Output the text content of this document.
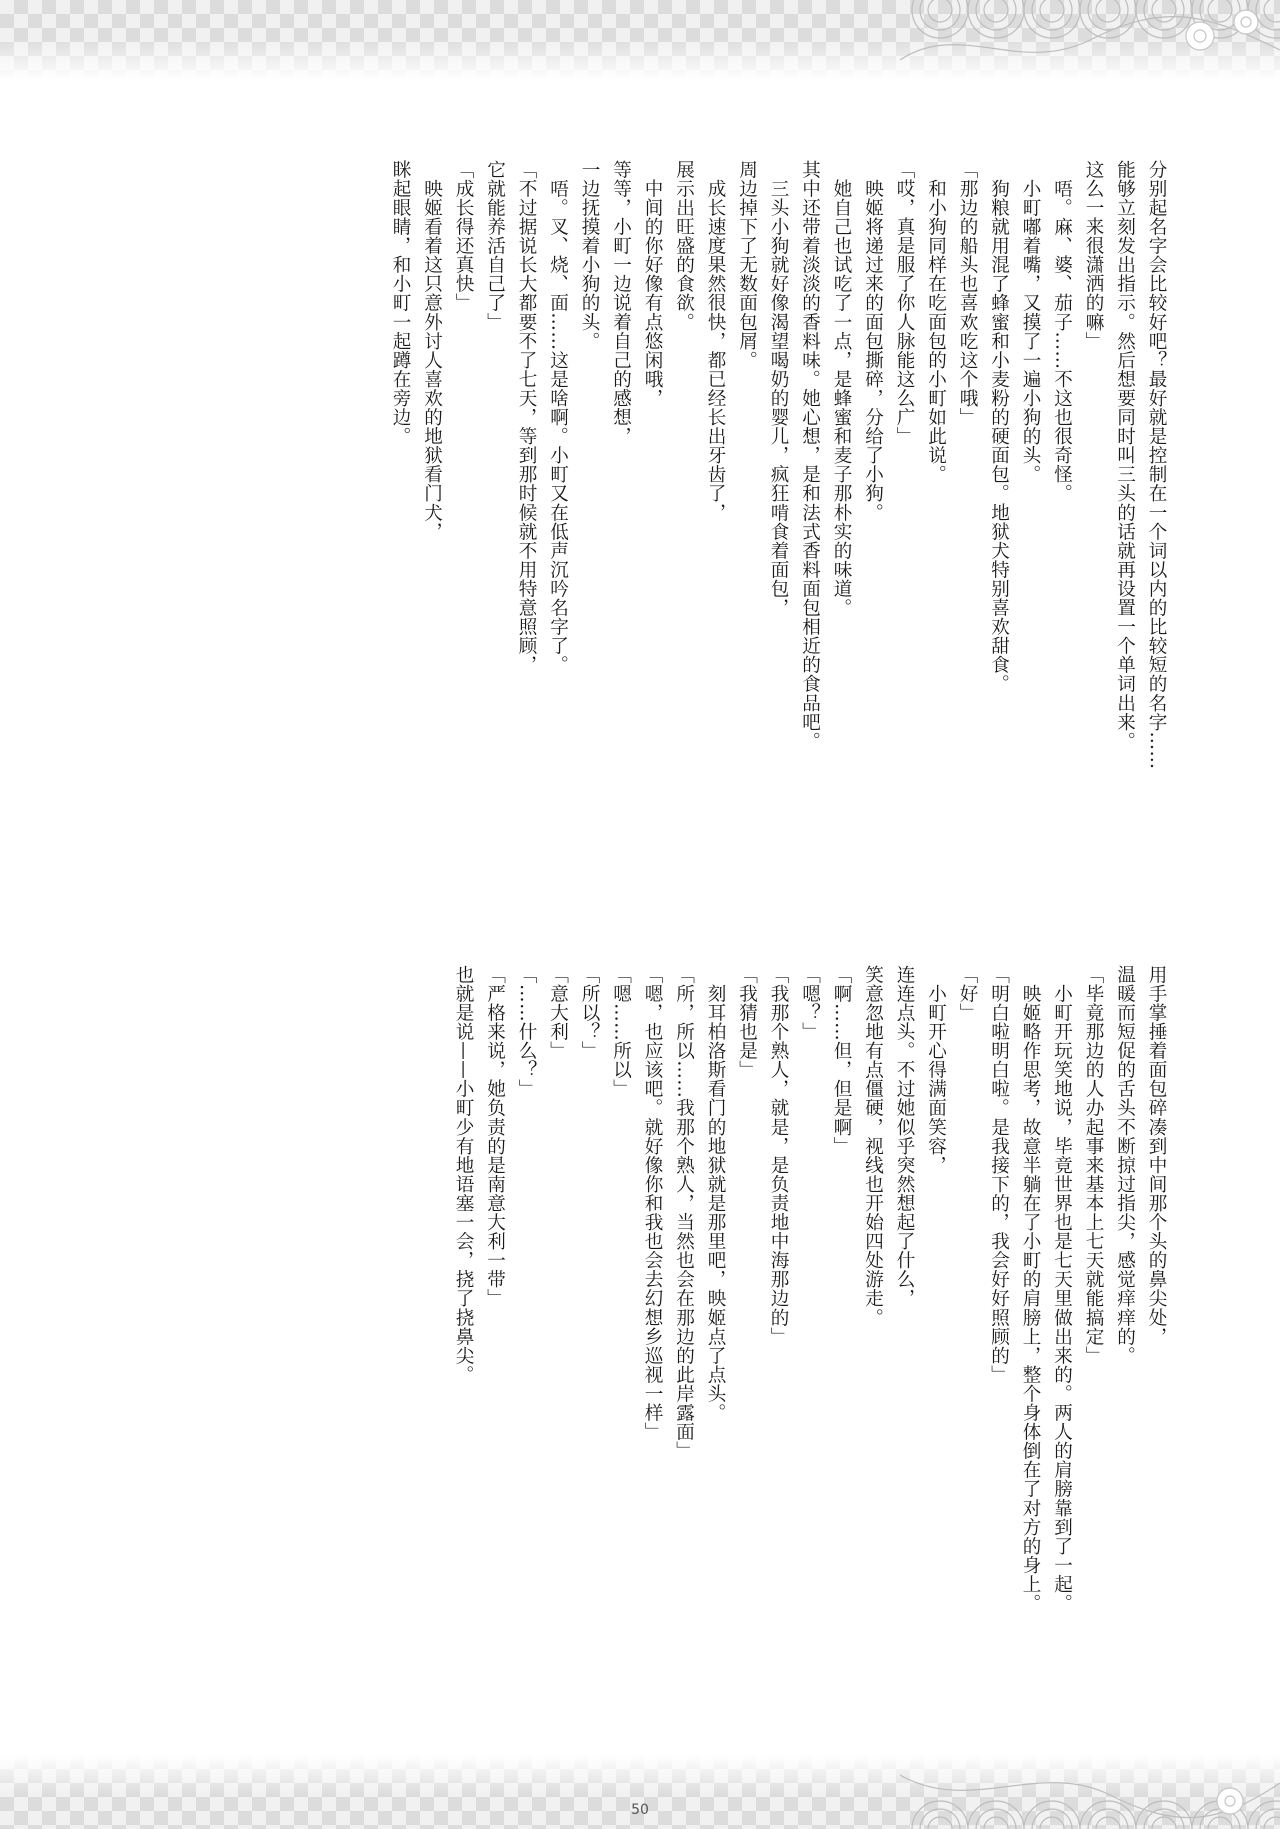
分别起名字会比较好吧？最好就是控制在一个词以内的比较短的名字……
能够立刻发出指示。然后想要同时叫三头的话就再设置一个单词出来。
这么一来很潇洒的嘛」
　唔。麻、婆、茄子……不这也很奇怪。
　小町嘟着嘴，又摸了一遍小狗的头。
　狗粮就用混了蜂蜜和小麦粉的硬面包。地狱犬特别喜欢甜食。
「那边的船头也喜欢吃这个哦」
　和小狗同样在吃面包的小町如此说。
「哎，真是服了你人脉能这么广」
　映姬将递过来的面包撕碎，分给了小狗。
　她自己也试吃了一点，是蜂蜜和麦子那朴实的味道。
其中还带着淡淡的香料味。她心想，是和法式香料面包相近的食品吧。
　三头小狗就好像渴望喝奶的婴儿，疯狂啃食着面包，
周边掉下了无数面包屑。
　成长速度果然很快，都已经长出牙齿了，
展示出旺盛的食欲。
　中间的你好像有点悠闲哦，
等等，小町一边说着自己的感想，
一边抚摸着小狗的头。
　唔。叉、烧、面……这是啥啊。小町又在低声沉吟名字了。
「不过据说长大都要不了七天，等到那时候就不用特意照顾，
它就能养活自己了」
「成长得还真快」
　映姬看着这只意外讨人喜欢的地狱看门犬，
眯起眼睛，和小町一起蹲在旁边。
用手掌捶着面包碎凑到中间那个头的鼻尖处，
温暖而短促的舌头不断掠过指尖，感觉痒痒的。
「毕竟那边的人办起事来基本上七天就能搞定」
　小町开玩笑地说，毕竟世界也是七天里做出来的。两人的肩膀靠到了一起。
　映姬略作思考，故意半躺在了小町的肩膀上，整个身体倒在了对方的身上。
「明白啦明白啦。是我接下的，我会好好照顾的」
「好」
　小町开心得满面笑容，
连连点头。不过她似乎突然想起了什么，
笑意忽地有点僵硬，视线也开始四处游走。
「啊……但，但是啊」
「嗯？」
「我那个熟人，就是，是负责地中海那边的」
「我猜也是」
　刻耳柏洛斯看门的地狱就是那里吧，映姬点了点头。
「所，所以……我那个熟人，当然也会在那边的此岸露面」
「嗯，也应该吧。就好像你和我也会去幻想乡巡视一样」
「嗯……所以」
「所以？」
「意大利」
「……什么？」
「严格来说，她负责的是南意大利一带」
也就是说——小町少有地语塞一会，挠了挠鼻尖。
50
